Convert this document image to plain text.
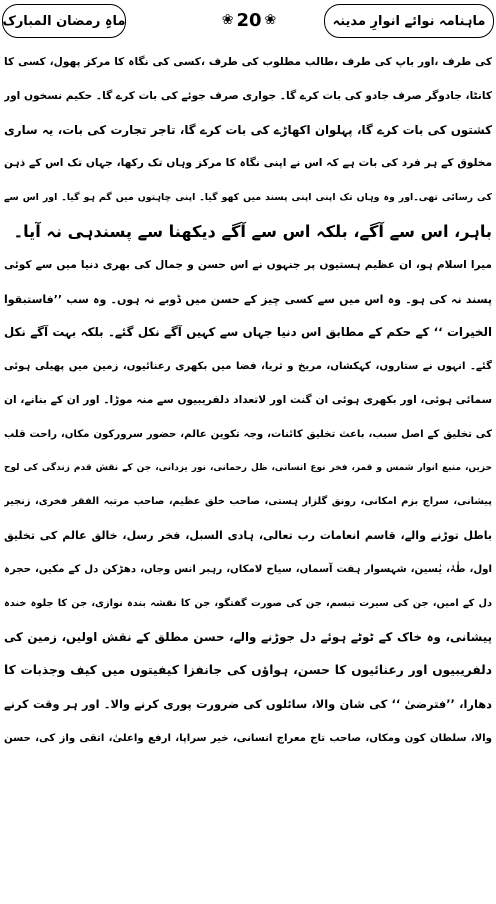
ماہنامہ نوائے انوارِ مدینہ
❀ 20 ❀
ماہِ رمضان المبارک
کی طرف ،اور باپ کی طرف ،طالب مطلوب کی طرف ،کسی کی نگاہ کا مرکز پھول، کسی کا
کانٹا، جادوگر صرف جادو کی بات کرے گا۔ جواری صرف جوئے کی بات کرے گا۔ حکیم نسخوں اور
کشتوں کی بات کرے گا، پہلوان اکھاڑے کی بات کرے گا، تاجر تجارت کی بات، یہ ساری
مخلوق کے ہر فرد کی بات ہے کہ اس نے اپنی نگاہ کا مرکز وہاں تک رکھا، جہاں تک اس کے ذہن
کی رسائی تھی۔اور وہ وہاں تک اپنی اپنی پسند میں کھو گیا۔ اپنی چاہتوں میں گم ہو گیا۔ اور اس سے
باہر، اس سے آگے، بلکہ اس سے آگے دیکھنا سے پسندہی نہ آیا۔
میرا اسلام ہو، ان عظیم ہستیوں پر جنہوں نے اس حسن و جمال کی بھری دنیا میں سے کوئی
پسند نہ کی ہو۔ وہ اس میں سے کسی چیز کے حسن میں ڈوبے نہ ہوں۔ وہ سب ’’فاستبقوا
الخیرات ‘‘ کے حکم کے مطابق اس دنیا جہاں سے کہیں آگے نکل گئے۔ بلکہ بہت آگے نکل
گئے۔ انہوں نے ستاروں، کہکشاں، مریخ و ثریا، فضا میں بکھری رعنائیوں، زمین میں پھیلی ہوئی
سمائی ہوئی، اور بکھری ہوئی ان گنت اور لاتعداد دلفریبیوں سے منہ موڑا۔ اور ان کے بنانے، ان
کی تخلیق کے اصل سبب، باعث تخلیق کائنات، وجہ تکوین عالم، حضور سرورکون مکاں، راحت قلب
حزیں، منبع انوار شمس و قمر، فخر نوع انسانی، ظل رحمانی، نور یزدانی، جن کے نقش قدم زندگی کی لوح
پیشانی، سراج بزم امکانی، رونق گلزار ہستی، صاحب خلق عظیم، صاحب مرتبہ الفقر فخری، زنجیر
باطل توڑنے والے، قاسم انعامات رب تعالی، ہادی السبل، فخر رسل، خالق عالم کی تخلیق
اول، طٰہٰ، یٰسین، شہسوار ہفت آسماں، سیاح لامکاں، رہبر انس وجاں، دھڑکن دل کے مکیں، حجرہ
دل کے امیں، جن کی سیرت تبسم، جن کی صورت گفتگو، جن کا نقشہ بندہ نوازی، جن کا جلوہ خندہ
پیشانی، وہ خاک کے ٹوٹے ہوئے دل جوڑنے والے، حسن مطلق کے نقش اولیں، زمین کی
دلفریبیوں اور رعنائیوں کا حسن، ہواؤں کی جانفزا کیفیتوں میں کیف وجذبات کا
دھارا، ’’فترضیٰ ‘‘ کی شان والا، سائلوں کی ضرورت پوری کرنے والا۔ اور ہر وقت کرنے
والا، سلطان کون ومکاں، صاحب تاج معراج انسانی، خیر سراپا، ارفع واعلیٰ، اتقی واز کی، حسن
